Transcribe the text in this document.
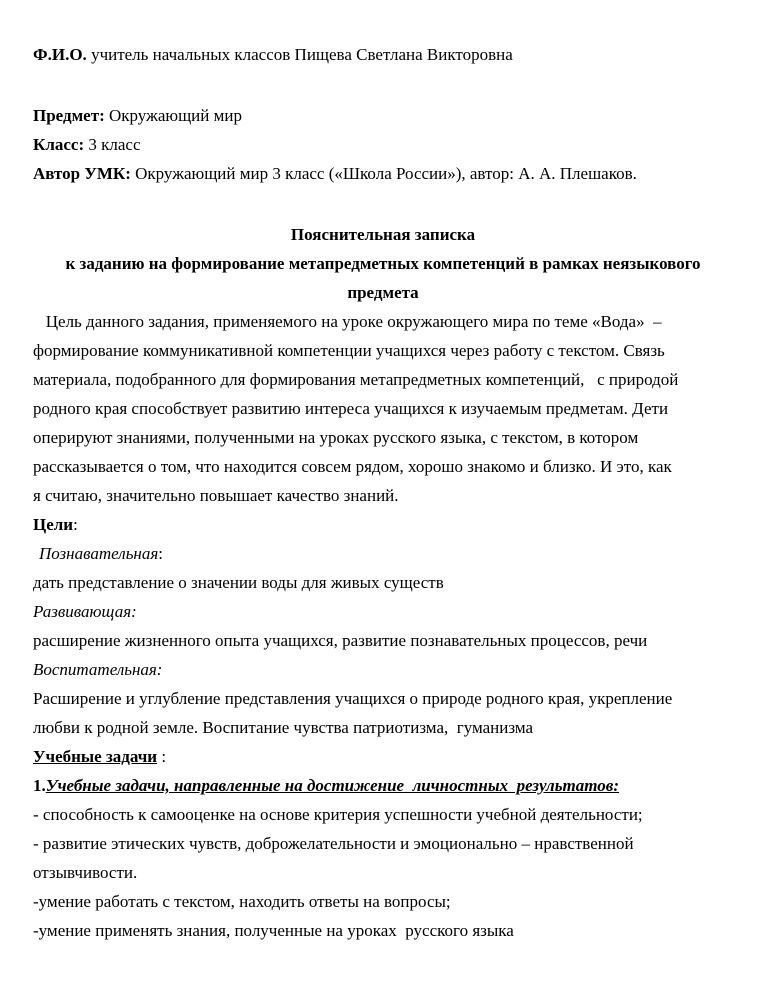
Ф.И.О. учитель начальных классов Пищева Светлана Викторовна
Предмет: Окружающий мир
Класс: 3 класс
Автор УМК: Окружающий мир 3 класс («Школа России»), автор: А. А. Плешаков.
Пояснительная записка
к заданию на формирование метапредметных компетенций в рамках неязыкового
предмета
Цель данного задания, применяемого на уроке окружающего мира по теме «Вода»  –
формирование коммуникативной компетенции учащихся через работу с текстом. Связь
материала, подобранного для формирования метапредметных компетенций,   с природой
родного края способствует развитию интереса учащихся к изучаемым предметам. Дети
оперируют знаниями, полученными на уроках русского языка, с текстом, в котором
рассказывается о том, что находится совсем рядом, хорошо знакомо и близко. И это, как
я считаю, значительно повышает качество знаний.
Цели:
Познавательная:
дать представление о значении воды для живых существ
Развивающая:
расширение жизненного опыта учащихся, развитие познавательных процессов, речи
Воспитательная:
Расширение и углубление представления учащихся о природе родного края, укрепление
любви к родной земле. Воспитание чувства патриотизма,  гуманизма
Учебные задачи :
1.Учебные задачи, направленные на достижение  личностных  результатов:
- способность к самооценке на основе критерия успешности учебной деятельности;
- развитие этических чувств, доброжелательности и эмоционально – нравственной
отзывчивости.
-умение работать с текстом, находить ответы на вопросы;
-умение применять знания, полученные на уроках  русского языка
